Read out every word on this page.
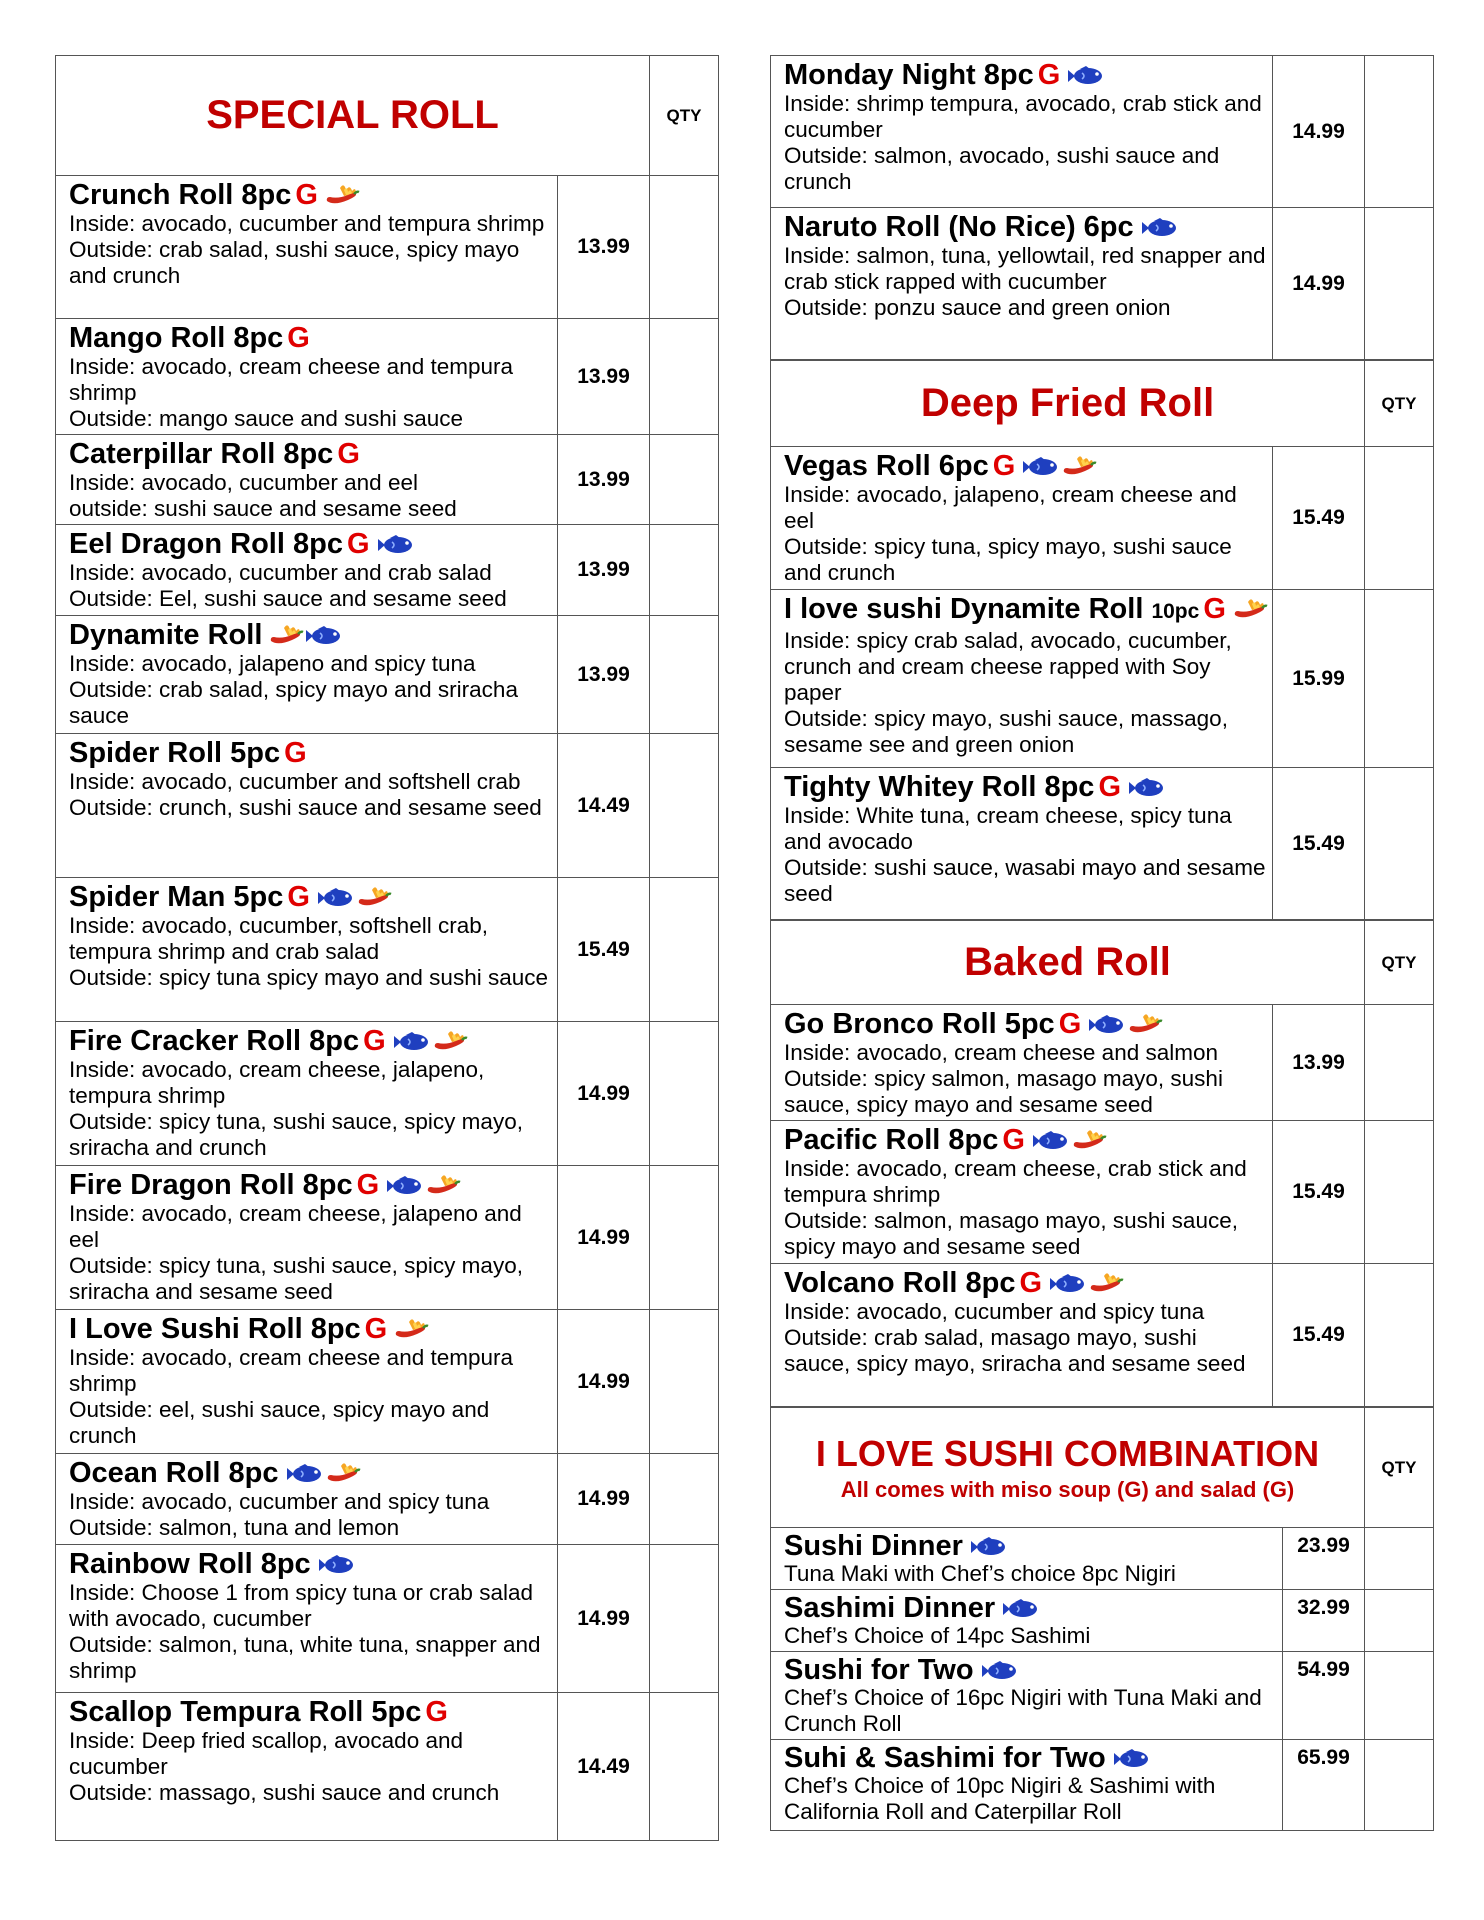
SPECIAL ROLL		QTY

Crunch Roll 8pc G
Inside: avocado, cucumber and tempura shrimp
Outside: crab salad, sushi sauce, spicy mayo and crunch	13.99	

Mango Roll 8pc G
Inside: avocado, cream cheese and tempura shrimp
Outside: mango sauce and sushi sauce	13.99	

Caterpillar Roll 8pc G
Inside: avocado, cucumber and eel
outside: sushi sauce and sesame seed	13.99	

Eel Dragon Roll 8pc G
Inside: avocado, cucumber and crab salad
Outside: Eel, sushi sauce and sesame seed	13.99	

Dynamite Roll
Inside: avocado, jalapeno and spicy tuna
Outside: crab salad, spicy mayo and sriracha sauce	13.99	

Spider Roll 5pc G
Inside: avocado, cucumber and softshell crab
Outside: crunch, sushi sauce and sesame seed	14.49	

Spider Man 5pc G
Inside: avocado, cucumber, softshell crab, tempura shrimp and crab salad
Outside: spicy tuna spicy mayo and sushi sauce	15.49	

Fire Cracker Roll 8pc G
Inside: avocado, cream cheese, jalapeno, tempura shrimp
Outside: spicy tuna, sushi sauce, spicy mayo, sriracha and crunch	14.99	

Fire Dragon Roll 8pc G
Inside: avocado, cream cheese, jalapeno and eel
Outside: spicy tuna, sushi sauce, spicy mayo, sriracha and sesame seed	14.99	

I Love Sushi Roll 8pc G
Inside: avocado, cream cheese and tempura shrimp
Outside: eel, sushi sauce, spicy mayo and crunch	14.99	

Ocean Roll 8pc
Inside: avocado, cucumber and spicy tuna
Outside: salmon, tuna and lemon	14.99	

Rainbow Roll 8pc
Inside: Choose 1 from spicy tuna or crab salad with avocado, cucumber
Outside: salmon, tuna, white tuna, snapper and shrimp	14.99	

Scallop Tempura Roll 5pc G
Inside: Deep fried scallop, avocado and cucumber
Outside: massago, sushi sauce and crunch	14.49	
Monday Night 8pc G
Inside: shrimp tempura, avocado, crab stick and cucumber
Outside: salmon, avocado, sushi sauce and crunch	14.99	

Naruto Roll (No Rice) 6pc
Inside: salmon, tuna, yellowtail, red snapper and crab stick rapped with cucumber
Outside: ponzu sauce and green onion	14.99	
Deep Fried Roll		QTY

Vegas Roll 6pc G
Inside: avocado, jalapeno, cream cheese and eel
Outside: spicy tuna, spicy mayo, sushi sauce and crunch	15.49	

I love sushi Dynamite Roll 10pc G
Inside: spicy crab salad, avocado, cucumber, crunch and cream cheese rapped with Soy paper
Outside: spicy mayo, sushi sauce, massago, sesame see and green onion	15.99	

Tighty Whitey Roll 8pc G
Inside: White tuna, cream cheese, spicy tuna and avocado
Outside: sushi sauce, wasabi mayo and sesame seed	15.49	
Baked Roll		QTY

Go Bronco Roll 5pc G
Inside: avocado, cream cheese and salmon
Outside: spicy salmon, masago mayo, sushi sauce, spicy mayo and sesame seed	13.99	

Pacific Roll 8pc G
Inside: avocado, cream cheese, crab stick and tempura shrimp
Outside: salmon, masago mayo, sushi sauce, spicy mayo and sesame seed	15.49	

Volcano Roll 8pc G
Inside: avocado, cucumber and spicy tuna
Outside: crab salad, masago mayo, sushi sauce, spicy mayo, sriracha and sesame seed	15.49	
I LOVE SUSHI COMBINATION
All comes with miso soup (G) and salad (G)		QTY

Sushi Dinner
Tuna Maki with Chef’s choice 8pc Nigiri	23.99	

Sashimi Dinner
Chef’s Choice of 14pc Sashimi	32.99	

Sushi for Two
Chef’s Choice of 16pc Nigiri with Tuna Maki and Crunch Roll	54.99	

Suhi & Sashimi for Two
Chef’s Choice of 10pc Nigiri & Sashimi with California Roll and Caterpillar Roll	65.99	
